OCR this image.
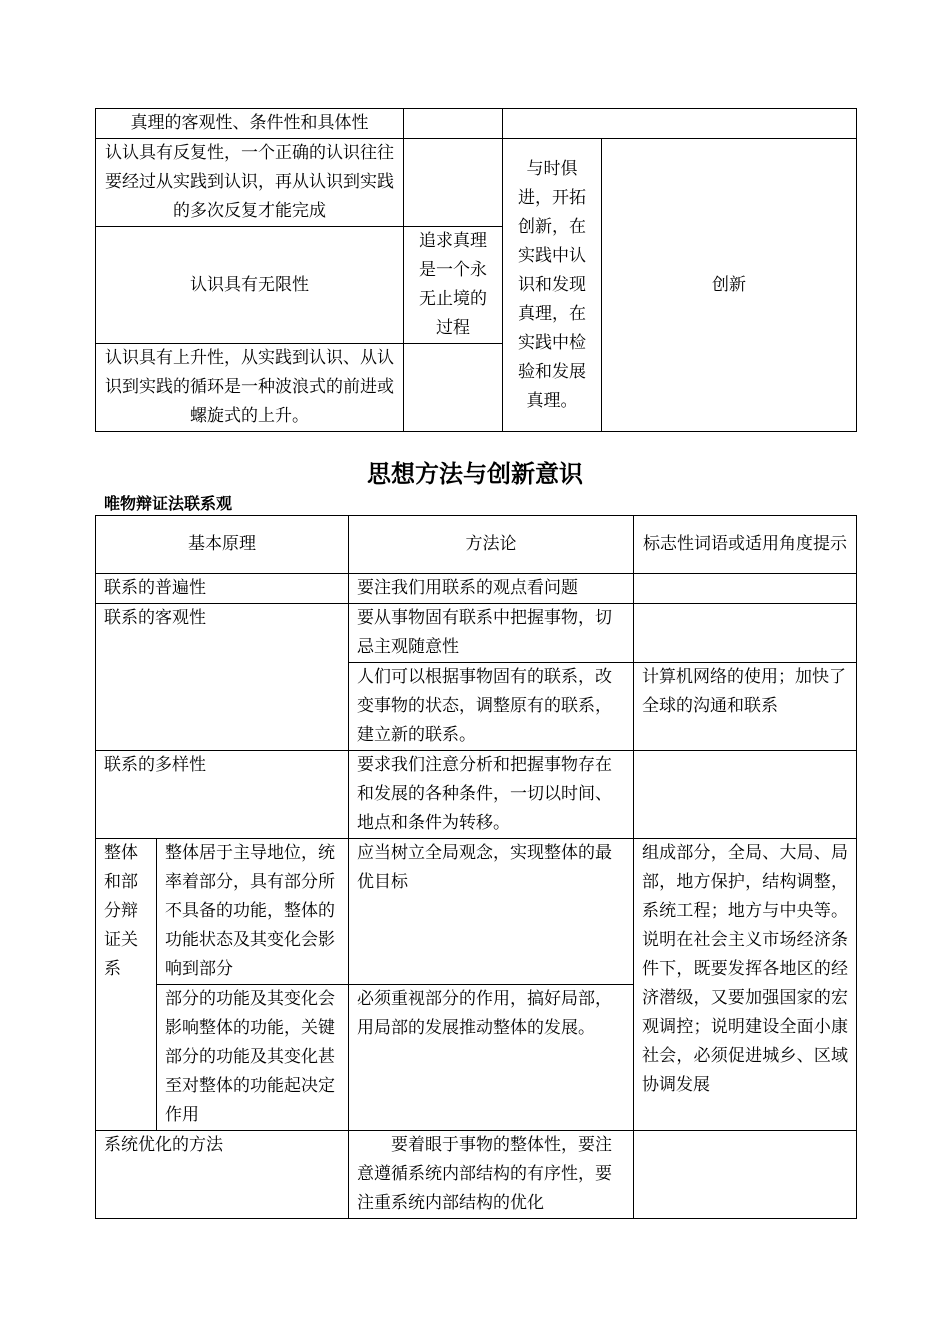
真理的客观性、条件性和具体性			
认认具有反复性，一个正确的认识往往要经过从实践到认识，再从认识到实践的多次反复才能完成		与时俱进，开拓创新，在实践中认识和发现真理，在实践中检验和发展真理。	创新
认识具有无限性	追求真理是一个永无止境的过程		
认识具有上升性，从实践到认识、从认识到实践的循环是一种波浪式的前进或螺旋式的上升。			
思想方法与创新意识
唯物辩证法联系观
基本原理		方法论	标志性词语或适用角度提示
联系的普遍性		要注我们用联系的观点看问题	
联系的客观性		要从事物固有联系中把握事物，切忌主观随意性	
		人们可以根据事物固有的联系，改变事物的状态，调整原有的联系，建立新的联系。	计算机网络的使用；加快了全球的沟通和联系
联系的多样性		要求我们注意分析和把握事物存在和发展的各种条件，一切以时间、地点和条件为转移。	
整体和部分辩证关系	整体居于主导地位，统率着部分，具有部分所不具备的功能，整体的功能状态及其变化会影响到部分	应当树立全局观念，实现整体的最优目标	组成部分，全局、大局、局部，地方保护，结构调整，系统工程；地方与中央等。说明在社会主义市场经济条件下，既要发挥各地区的经济潜级，又要加强国家的宏观调控；说明建设全面小康社会，必须促进城乡、区域协调发展
	部分的功能及其变化会影响整体的功能，关键部分的功能及其变化甚至对整体的功能起决定作用	必须重视部分的作用，搞好局部，用局部的发展推动整体的发展。	
系统优化的方法		要着眼于事物的整体性，要注意遵循系统内部结构的有序性，要注重系统内部结构的优化	
